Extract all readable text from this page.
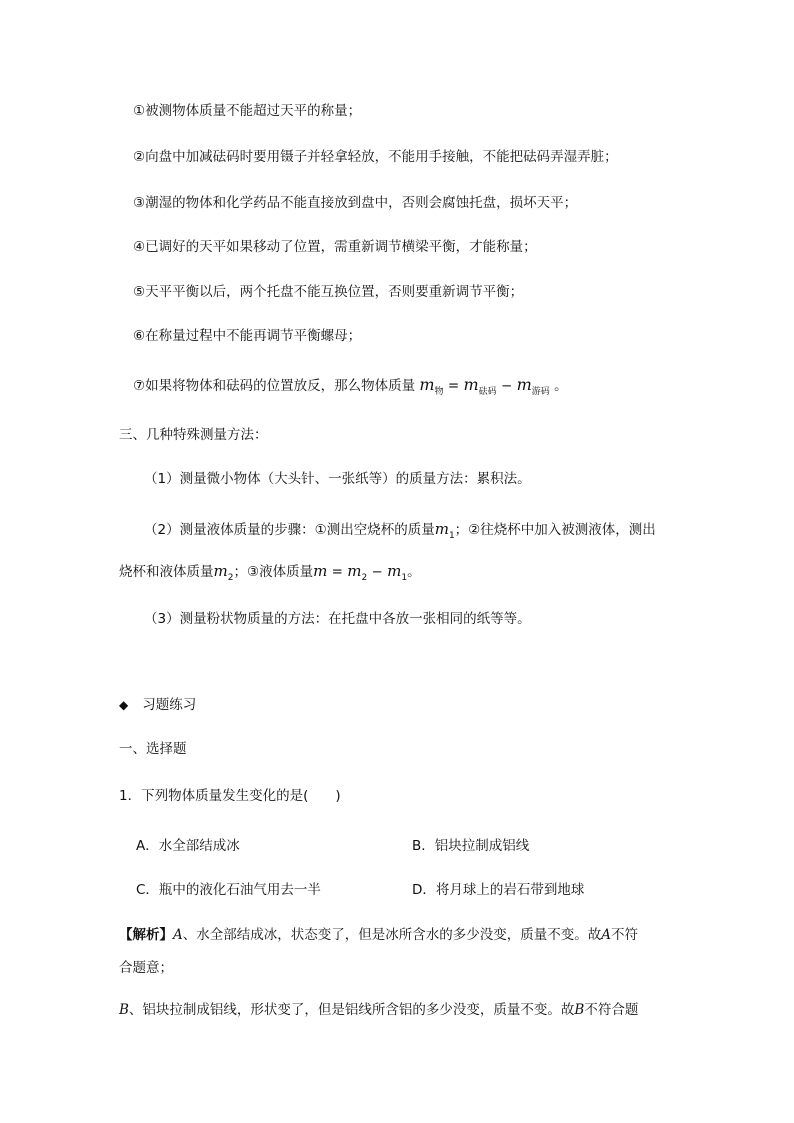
①被测物体质量不能超过天平的称量；
②向盘中加减砝码时要用镊子并轻拿轻放，不能用手接触，不能把砝码弄湿弄脏；
③潮湿的物体和化学药品不能直接放到盘中，否则会腐蚀托盘，损坏天平；
④已调好的天平如果移动了位置，需重新调节横梁平衡，才能称量；
⑤天平平衡以后，两个托盘不能互换位置，否则要重新调节平衡；
⑥在称量过程中不能再调节平衡螺母；
⑦如果将物体和砝码的位置放反，那么物体质量 $m_物 = m_{砝码} - m_{游码}$ 。
三、几种特殊测量方法：
（1）测量微小物体（大头针、一张纸等）的质量方法：累积法。
（2）测量液体质量的步骤：①测出空烧杯的质量$m_1$；②往烧杯中加入被测液体，测出
烧杯和液体质量$m_2$；③液体质量$m = m_2 - m_1$。
（3）测量粉状物质量的方法：在托盘中各放一张相同的纸等等。
◆ 习题练习
一、选择题
1．下列物体质量发生变化的是(　　)
A．水全部结成冰	B．铝块拉制成铝线
C．瓶中的液化石油气用去一半	D．将月球上的岩石带到地球
【解析】A、水全部结成冰，状态变了，但是冰所含水的多少没变，质量不变。故A不符
合题意；
B、铝块拉制成铝线，形状变了，但是铝线所含铝的多少没变，质量不变。故B不符合题
